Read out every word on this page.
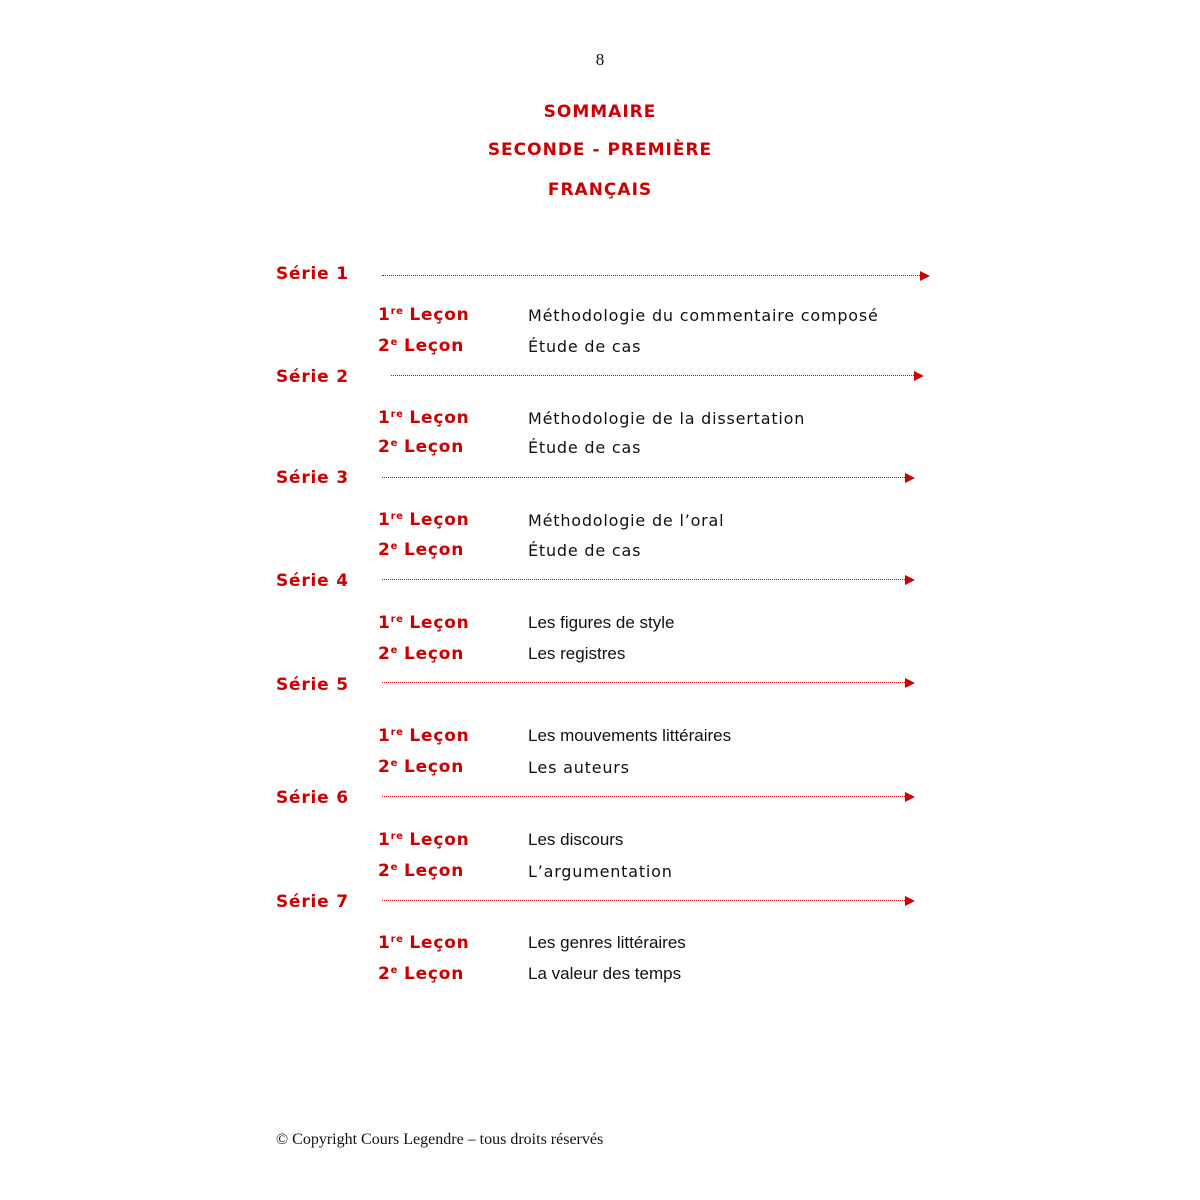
8
SOMMAIRE
SECONDE - PREMIÈRE
FRANÇAIS
Série 1
1re Leçon	Méthodologie du commentaire composé
2e Leçon	Étude de cas
Série 2
1re Leçon	Méthodologie de la dissertation
2e Leçon	Étude de cas
Série 3
1re Leçon	Méthodologie de l’oral
2e Leçon	Étude de cas
Série 4
1re Leçon	Les figures de style
2e Leçon	Les registres
Série 5
1re Leçon	Les mouvements littéraires
2e Leçon	Les auteurs
Série 6
1re Leçon	Les discours
2e Leçon	L’argumentation
Série 7
1re Leçon	Les genres littéraires
2e Leçon	La valeur des temps
© Copyright Cours Legendre – tous droits réservés
